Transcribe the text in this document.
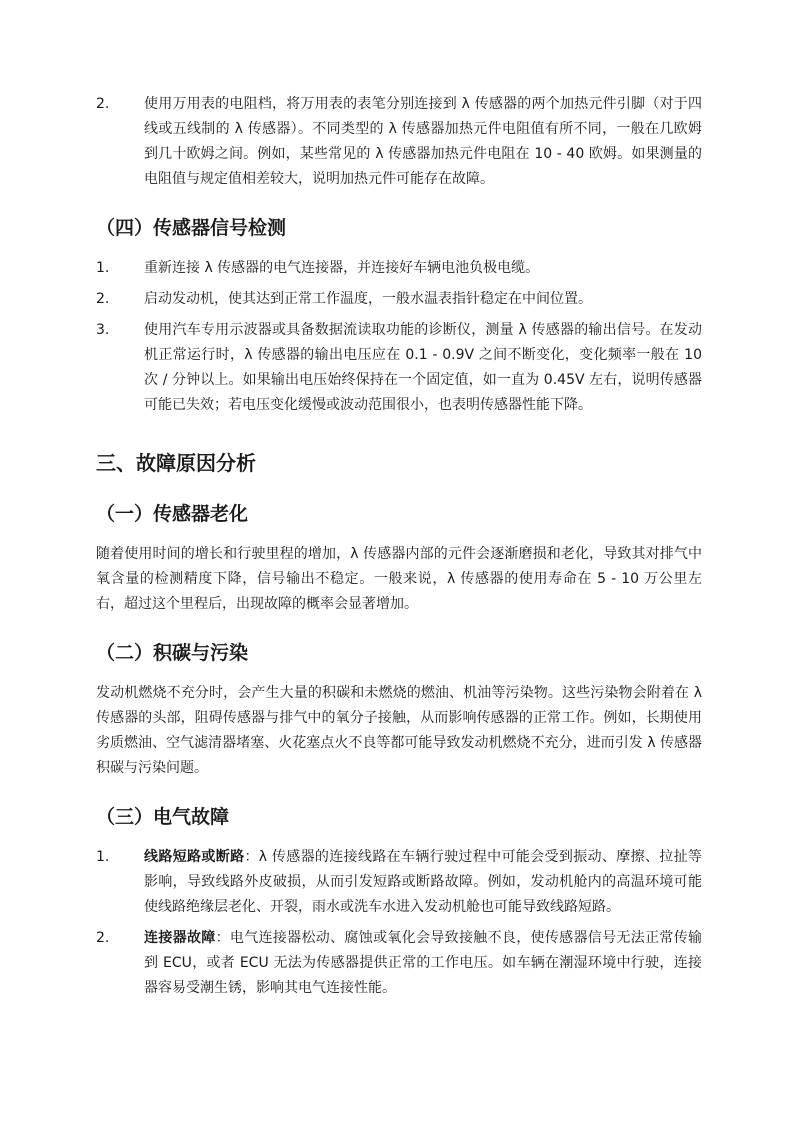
2. 使用万用表的电阻档，将万用表的表笔分别连接到 λ 传感器的两个加热元件引脚（对于四线或五线制的 λ 传感器）。不同类型的 λ 传感器加热元件电阻值有所不同，一般在几欧姆到几十欧姆之间。例如，某些常见的 λ 传感器加热元件电阻在 10 - 40 欧姆。如果测量的电阻值与规定值相差较大，说明加热元件可能存在故障。
（四）传感器信号检测
1. 重新连接 λ 传感器的电气连接器，并连接好车辆电池负极电缆。
2. 启动发动机，使其达到正常工作温度，一般水温表指针稳定在中间位置。
3. 使用汽车专用示波器或具备数据流读取功能的诊断仪，测量 λ 传感器的输出信号。在发动机正常运行时，λ 传感器的输出电压应在 0.1 - 0.9V 之间不断变化，变化频率一般在 10 次 / 分钟以上。如果输出电压始终保持在一个固定值，如一直为 0.45V 左右，说明传感器可能已失效；若电压变化缓慢或波动范围很小，也表明传感器性能下降。
三、故障原因分析
（一）传感器老化

随着使用时间的增长和行驶里程的增加，λ 传感器内部的元件会逐渐磨损和老化，导致其对排气中氧含量的检测精度下降，信号输出不稳定。一般来说，λ 传感器的使用寿命在 5 - 10 万公里左右，超过这个里程后，出现故障的概率会显著增加。

（二）积碳与污染

发动机燃烧不充分时，会产生大量的积碳和未燃烧的燃油、机油等污染物。这些污染物会附着在 λ 传感器的头部，阻碍传感器与排气中的氧分子接触，从而影响传感器的正常工作。例如，长期使用劣质燃油、空气滤清器堵塞、火花塞点火不良等都可能导致发动机燃烧不充分，进而引发 λ 传感器积碳与污染问题。

（三）电气故障
1. 线路短路或断路：λ 传感器的连接线路在车辆行驶过程中可能会受到振动、摩擦、拉扯等影响，导致线路外皮破损，从而引发短路或断路故障。例如，发动机舱内的高温环境可能使线路绝缘层老化、开裂，雨水或洗车水进入发动机舱也可能导致线路短路。
2. 连接器故障：电气连接器松动、腐蚀或氧化会导致接触不良，使传感器信号无法正常传输到 ECU，或者 ECU 无法为传感器提供正常的工作电压。如车辆在潮湿环境中行驶，连接器容易受潮生锈，影响其电气连接性能。
